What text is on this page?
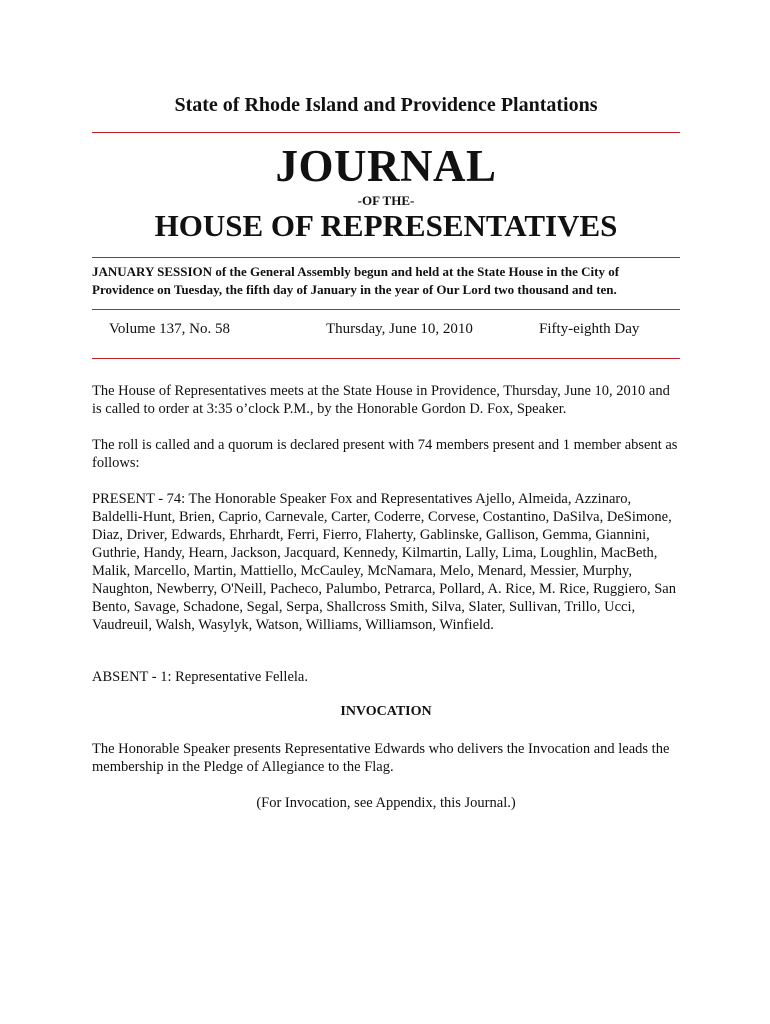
State of Rhode Island and Providence Plantations
JOURNAL
-OF THE-
HOUSE OF REPRESENTATIVES
JANUARY SESSION of the General Assembly begun and held at the State House in the City of Providence on Tuesday, the fifth day of January in the year of Our Lord two thousand and ten.
Volume 137, No. 58	Thursday, June 10, 2010	Fifty-eighth Day
The House of Representatives meets at the State House in Providence, Thursday, June 10, 2010 and is called to order at 3:35 o’clock P.M., by the Honorable Gordon D. Fox, Speaker.
The roll is called and a quorum is declared present with 74 members present and 1 member absent as follows:
PRESENT - 74: The Honorable Speaker Fox and Representatives Ajello, Almeida, Azzinaro, Baldelli-Hunt, Brien, Caprio, Carnevale, Carter, Coderre, Corvese, Costantino, DaSilva, DeSimone, Diaz, Driver, Edwards, Ehrhardt, Ferri, Fierro, Flaherty, Gablinske, Gallison, Gemma, Giannini, Guthrie, Handy, Hearn, Jackson, Jacquard, Kennedy, Kilmartin, Lally, Lima, Loughlin, MacBeth, Malik, Marcello, Martin, Mattiello, McCauley, McNamara, Melo, Menard, Messier, Murphy, Naughton, Newberry, O'Neill, Pacheco, Palumbo, Petrarca, Pollard, A. Rice, M. Rice, Ruggiero, San Bento, Savage, Schadone, Segal, Serpa, Shallcross Smith, Silva, Slater, Sullivan, Trillo, Ucci, Vaudreuil, Walsh, Wasylyk, Watson, Williams, Williamson, Winfield.
ABSENT - 1: Representative Fellela.
INVOCATION
The Honorable Speaker presents Representative Edwards who delivers the Invocation and leads the membership in the Pledge of Allegiance to the Flag.
(For Invocation, see Appendix, this Journal.)
